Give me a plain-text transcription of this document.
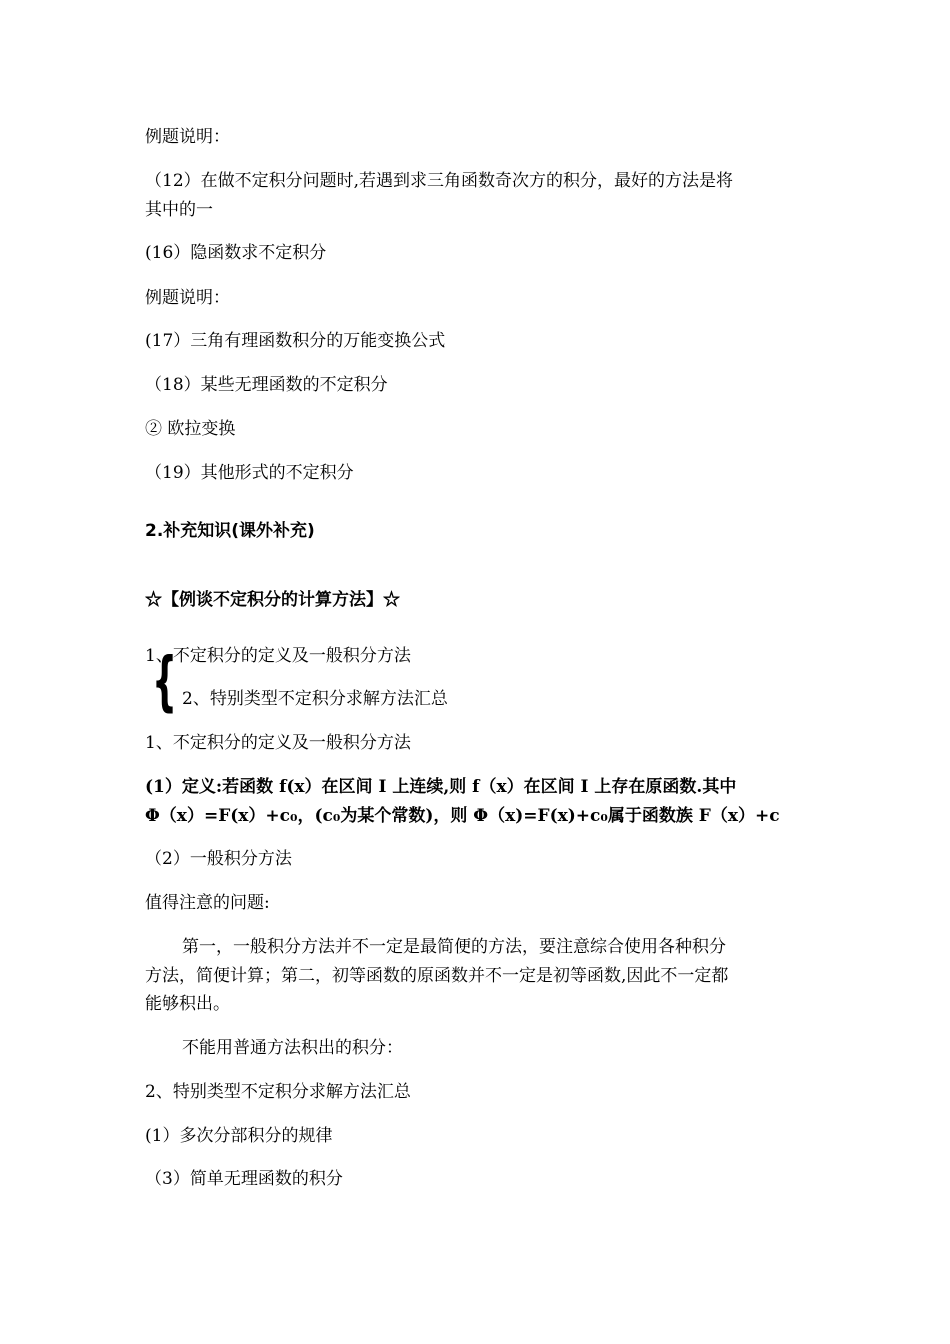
例题说明：
（12）在做不定积分问题时,若遇到求三角函数奇次方的积分，最好的方法是将
其中的一
(16）隐函数求不定积分
例题说明：
(17）三角有理函数积分的万能变换公式
（18）某些无理函数的不定积分
② 欧拉变换
（19）其他形式的不定积分
2.补充知识(课外补充)
☆【例谈不定积分的计算方法】☆
1、不定积分的定义及一般积分方法
{ 2、特别类型不定积分求解方法汇总
1、不定积分的定义及一般积分方法
(1）定义:若函数 f(x）在区间 I 上连续,则 f（x）在区间 I 上存在原函数.其中
Φ（x）=F(x）+c₀，(c₀为某个常数)，则 Φ（x)=F(x)+c₀属于函数族 F（x）+c
（2）一般积分方法
值得注意的问题:
第一，一般积分方法并不一定是最简便的方法，要注意综合使用各种积分
方法，简便计算；第二，初等函数的原函数并不一定是初等函数,因此不一定都
能够积出。
不能用普通方法积出的积分：
2、特别类型不定积分求解方法汇总
(1）多次分部积分的规律
（3）简单无理函数的积分
